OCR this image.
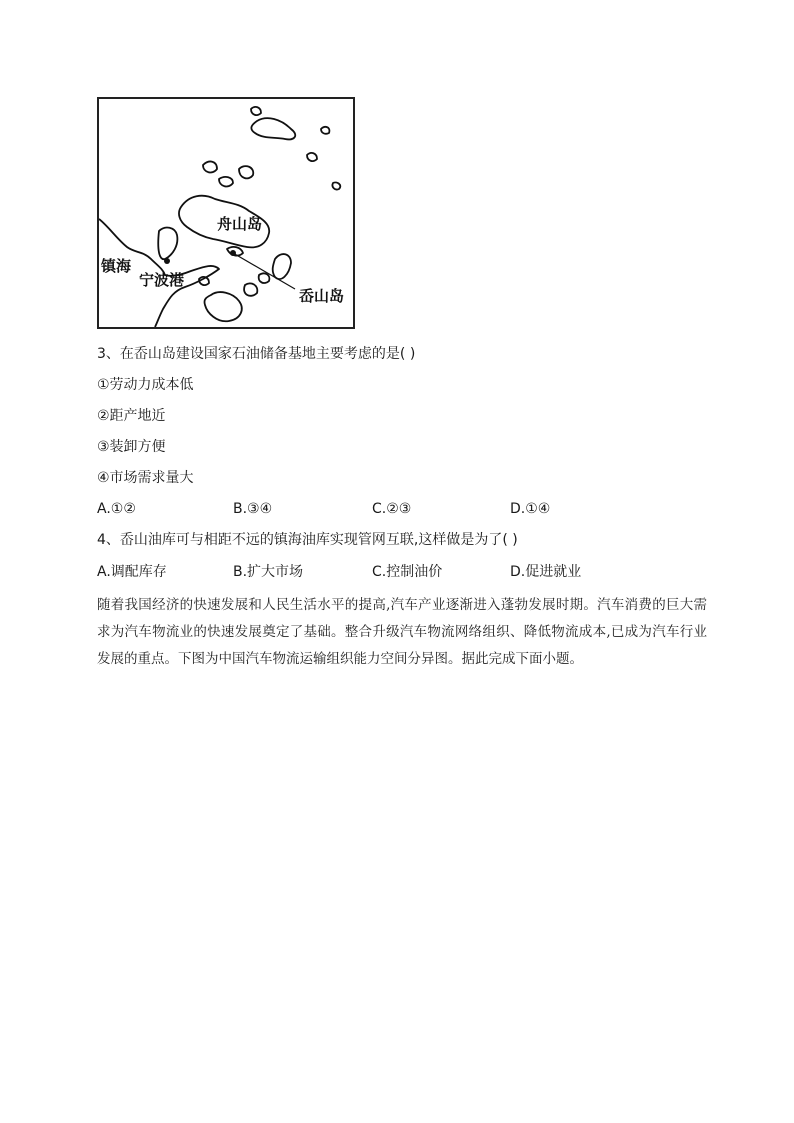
舟山岛
镇海
宁波港
岙山岛
3、在岙山岛建设国家石油储备基地主要考虑的是( )
①劳动力成本低
②距产地近
③装卸方便
④市场需求量大
A.①②	B.③④	C.②③	D.①④
4、岙山油库可与相距不远的镇海油库实现管网互联,这样做是为了( )
A.调配库存	B.扩大市场	C.控制油价	D.促进就业
随着我国经济的快速发展和人民生活水平的提高,汽车产业逐渐进入蓬勃发展时期。汽车消费的巨大需求为汽车物流业的快速发展奠定了基础。整合升级汽车物流网络组织、降低物流成本,已成为汽车行业发展的重点。下图为中国汽车物流运输组织能力空间分异图。据此完成下面小题。
